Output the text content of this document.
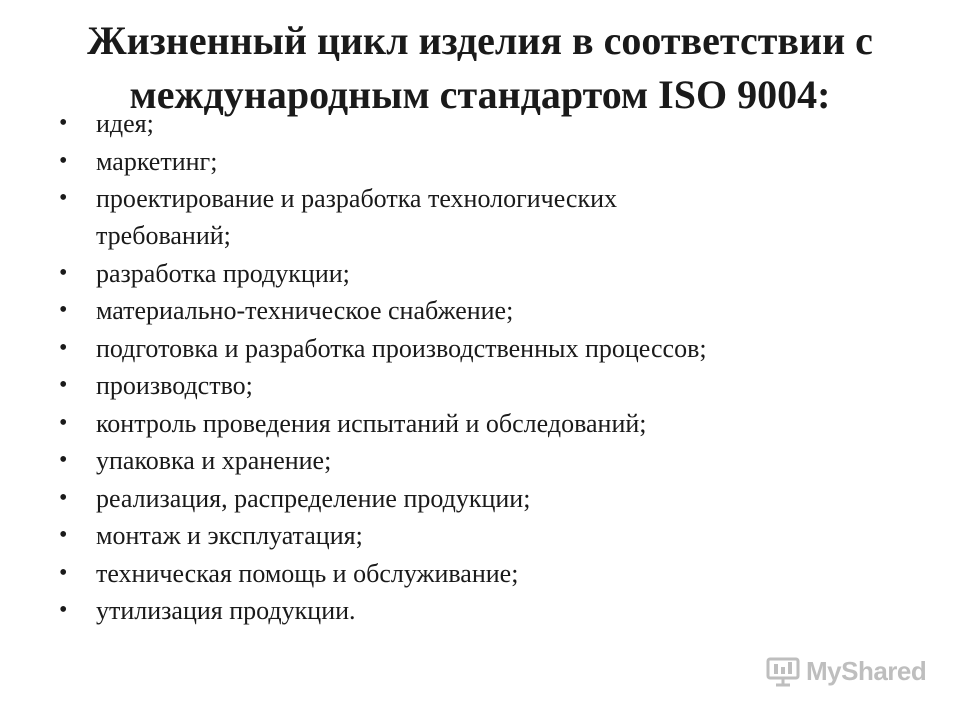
Жизненный цикл изделия в соответствии с
международным стандартом ISO 9004:
• идея;
• маркетинг;
• проектирование и разработка технологических требований;
• разработка продукции;
• материально-техническое снабжение;
• подготовка и разработка производственных процессов;
• производство;
• контроль проведения испытаний и обследований;
• упаковка и хранение;
• реализация, распределение продукции;
• монтаж и эксплуатация;
• техническая помощь и обслуживание;
• утилизация продукции.
MyShared
